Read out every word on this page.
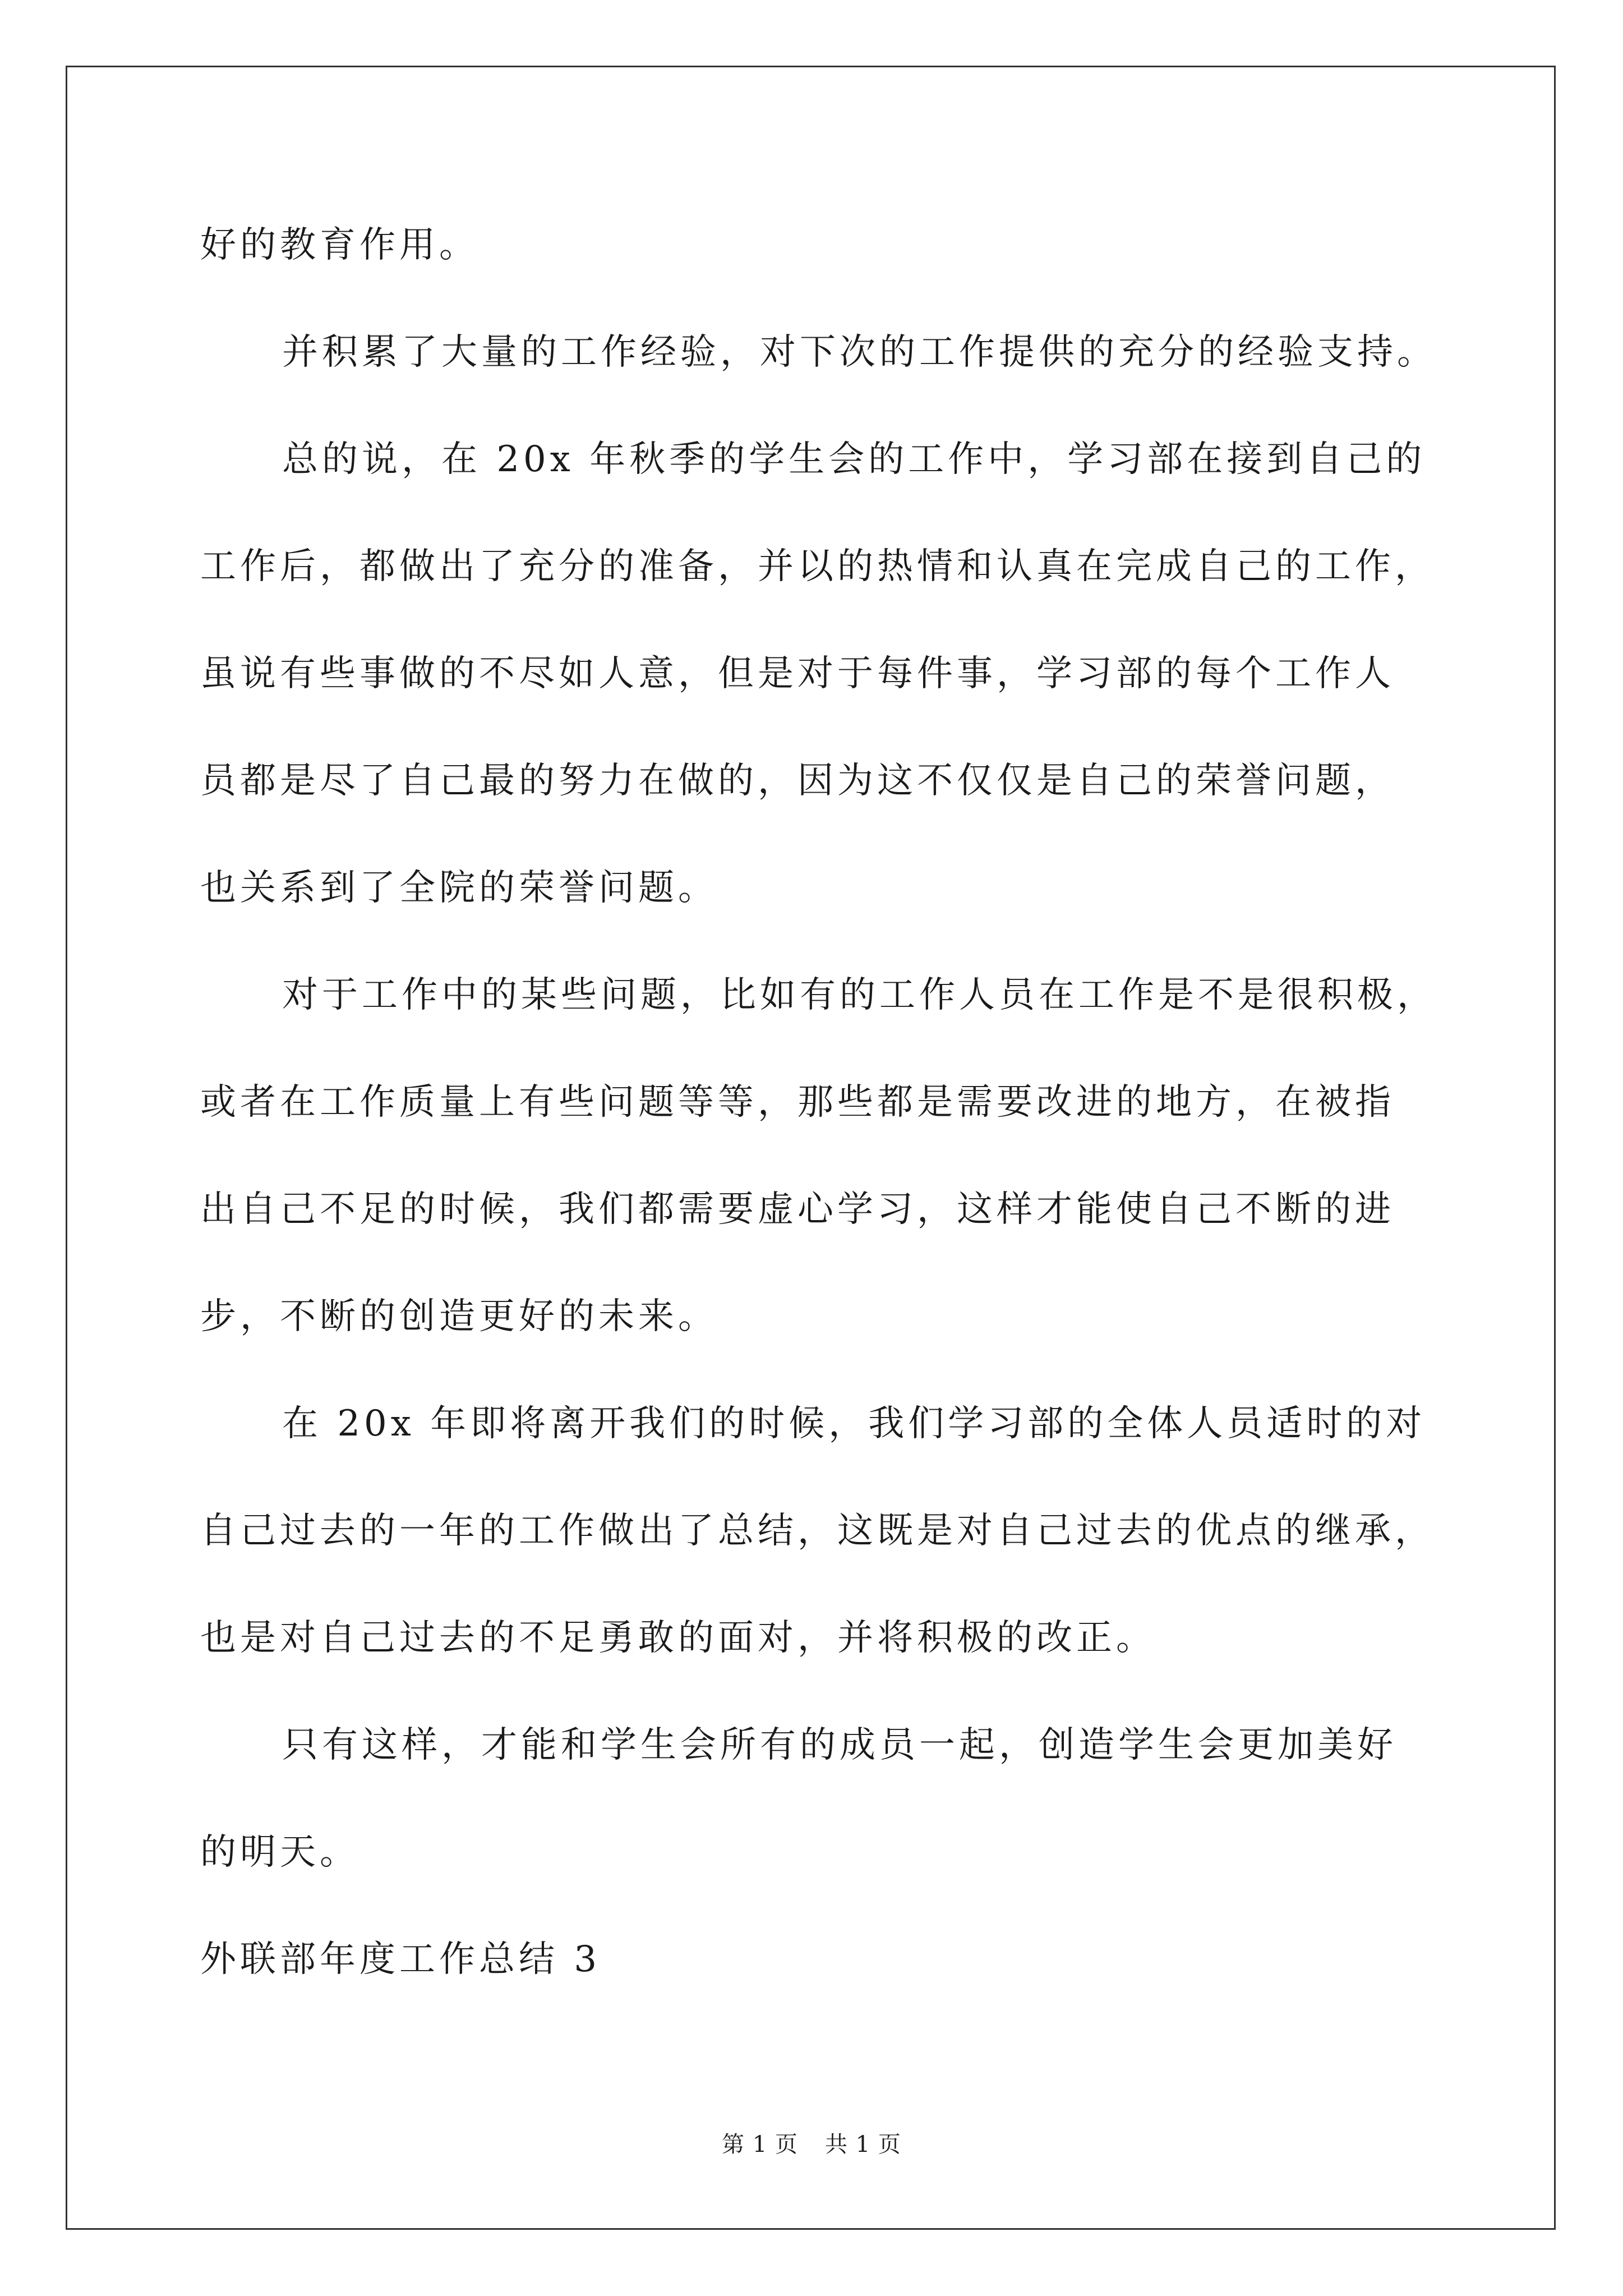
好的教育作用。
并积累了大量的工作经验，对下次的工作提供的充分的经验支持。
总的说，在 20x 年秋季的学生会的工作中，学习部在接到自己的
工作后，都做出了充分的准备，并以的热情和认真在完成自己的工作，
虽说有些事做的不尽如人意，但是对于每件事，学习部的每个工作人
员都是尽了自己最的努力在做的，因为这不仅仅是自己的荣誉问题，
也关系到了全院的荣誉问题。
对于工作中的某些问题，比如有的工作人员在工作是不是很积极，
或者在工作质量上有些问题等等，那些都是需要改进的地方，在被指
出自己不足的时候，我们都需要虚心学习，这样才能使自己不断的进
步，不断的创造更好的未来。
在 20x 年即将离开我们的时候，我们学习部的全体人员适时的对
自己过去的一年的工作做出了总结，这既是对自己过去的优点的继承，
也是对自己过去的不足勇敢的面对，并将积极的改正。
只有这样，才能和学生会所有的成员一起，创造学生会更加美好
的明天。
外联部年度工作总结 3
第 1 页 共 1 页
